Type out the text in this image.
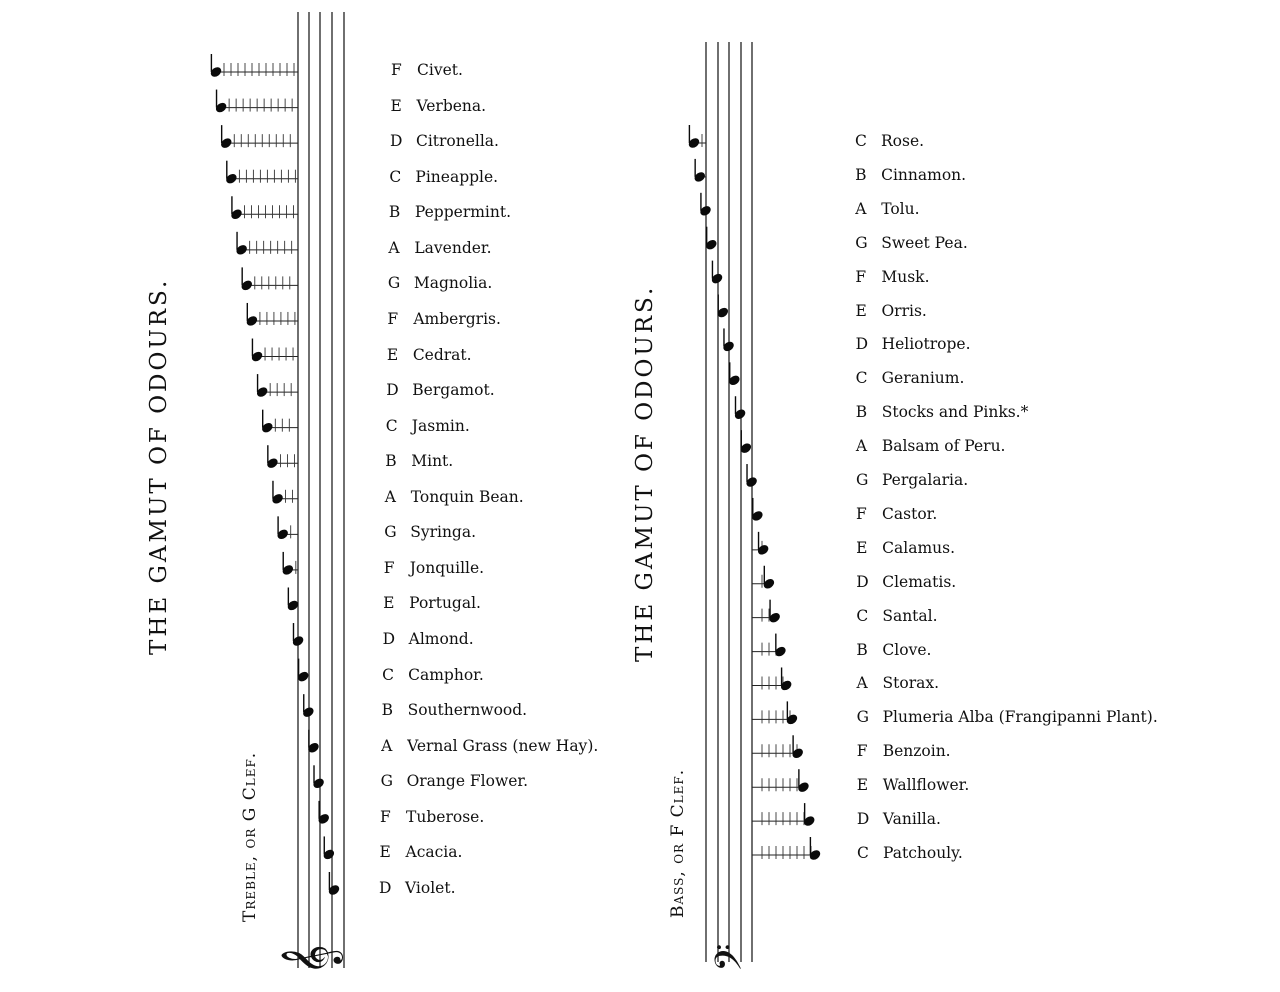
THE GAMUT OF ODOURS.
Treble, or G Clef.
𝄞
F Civet.
E Verbena.
D Citronella.
C Pineapple.
B Peppermint.
A Lavender.
G Magnolia.
F Ambergris.
E Cedrat.
D Bergamot.
C Jasmin.
B Mint.
A Tonquin Bean.
G Syringa.
F Jonquille.
E Portugal.
D Almond.
C Camphor.
B Southernwood.
A Vernal Grass (new Hay).
G Orange Flower.
F Tuberose.
E Acacia.
D Violet.
THE GAMUT OF ODOURS.
Bass, or F Clef.
𝄢
C Rose.
B Cinnamon.
A Tolu.
G Sweet Pea.
F Musk.
E Orris.
D Heliotrope.
C Geranium.
B Stocks and Pinks.*
A Balsam of Peru.
G Pergalaria.
F Castor.
E Calamus.
D Clematis.
C Santal.
B Clove.
A Storax.
G Plumeria Alba (Frangipanni Plant).
F Benzoin.
E Wallflower.
D Vanilla.
C Patchouly.
